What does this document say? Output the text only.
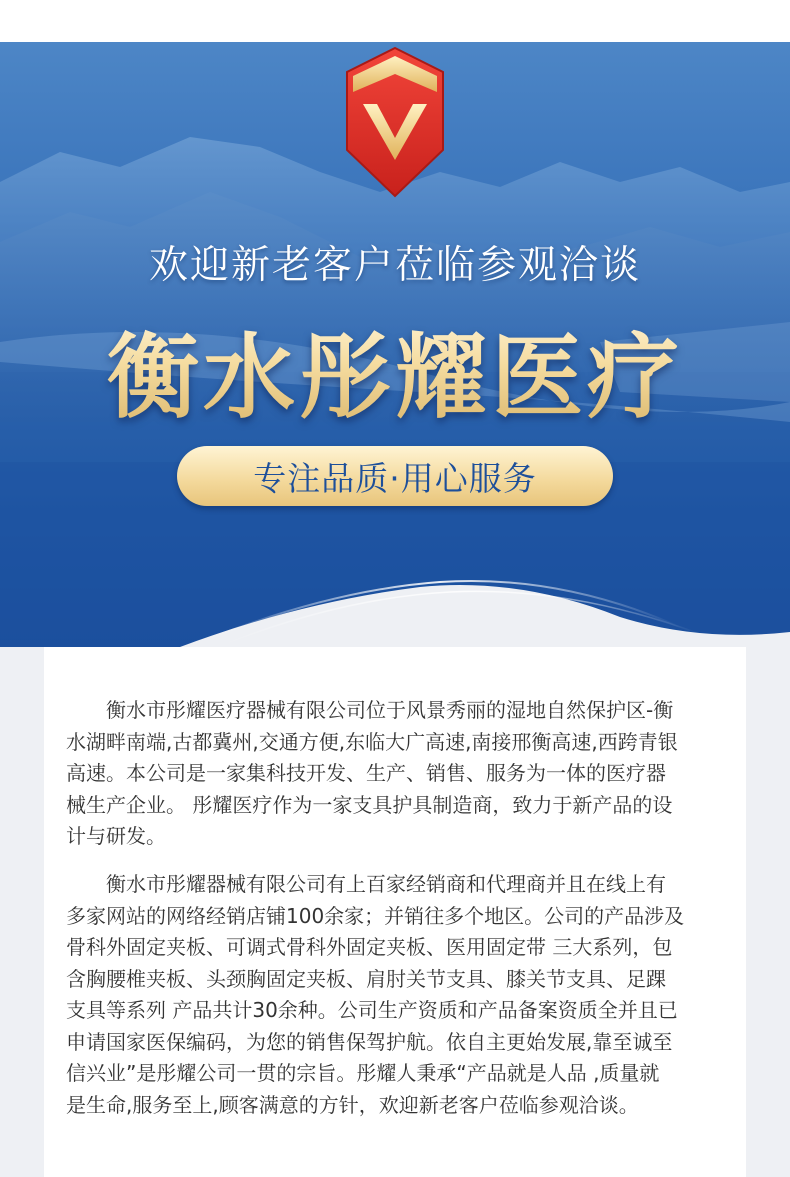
欢迎新老客户莅临参观洽谈
衡水彤耀医疗
专注品质·用心服务

衡水市彤耀医疗器械有限公司位于风景秀丽的湿地自然保护区-衡
水湖畔南端,古都冀州,交通方便,东临大广高速,南接邢衡高速,西跨青银
高速。本公司是一家集科技开发、生产、销售、服务为一体的医疗器
械生产企业。 彤耀医疗作为一家支具护具制造商，致力于新产品的设
计与研发。

衡水市彤耀器械有限公司有上百家经销商和代理商并且在线上有
多家网站的网络经销店铺100余家；并销往多个地区。公司的产品涉及
骨科外固定夹板、可调式骨科外固定夹板、医用固定带 三大系列，包
含胸腰椎夹板、头颈胸固定夹板、肩肘关节支具、膝关节支具、足踝
支具等系列 产品共计30余种。公司生产资质和产品备案资质全并且已
申请国家医保编码，为您的销售保驾护航。依自主更始发展,靠至诚至
信兴业”是彤耀公司一贯的宗旨。彤耀人秉承“产品就是人品 ,质量就
是生命,服务至上,顾客满意的方针，欢迎新老客户莅临参观洽谈。
